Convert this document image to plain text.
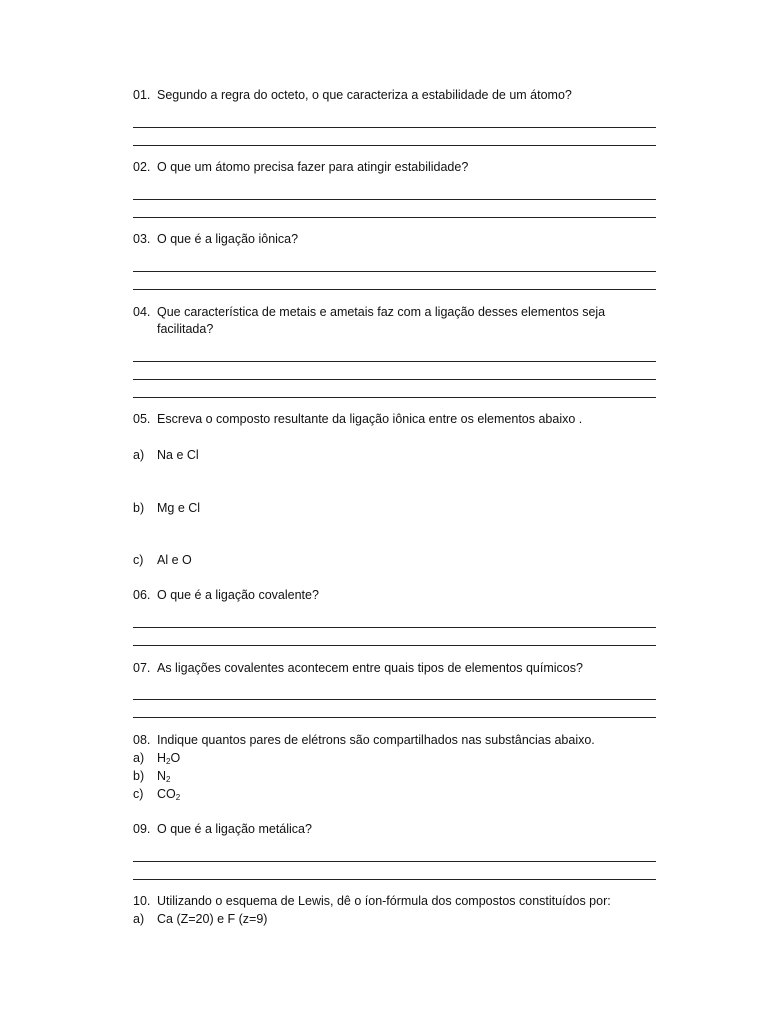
01. Segundo a regra do octeto, o que caracteriza a estabilidade de um átomo?
02. O que um átomo precisa fazer para atingir estabilidade?
03. O que é a ligação iônica?
04. Que característica de metais e ametais faz com a ligação desses elementos seja
facilitada?
05. Escreva o composto resultante da ligação iônica entre os elementos abaixo .
a) Na e Cl
b) Mg e Cl
c) Al e O
06. O que é a ligação covalente?
07. As ligações covalentes acontecem entre quais tipos de elementos químicos?
08. Indique quantos pares de elétrons são compartilhados nas substâncias abaixo.
a) $H_2O$
b) $N_2$
c) $CO_2$
09. O que é a ligação metálica?
10. Utilizando o esquema de Lewis, dê o íon-fórmula dos compostos constituídos por:
a) Ca (Z=20) e F (z=9)
